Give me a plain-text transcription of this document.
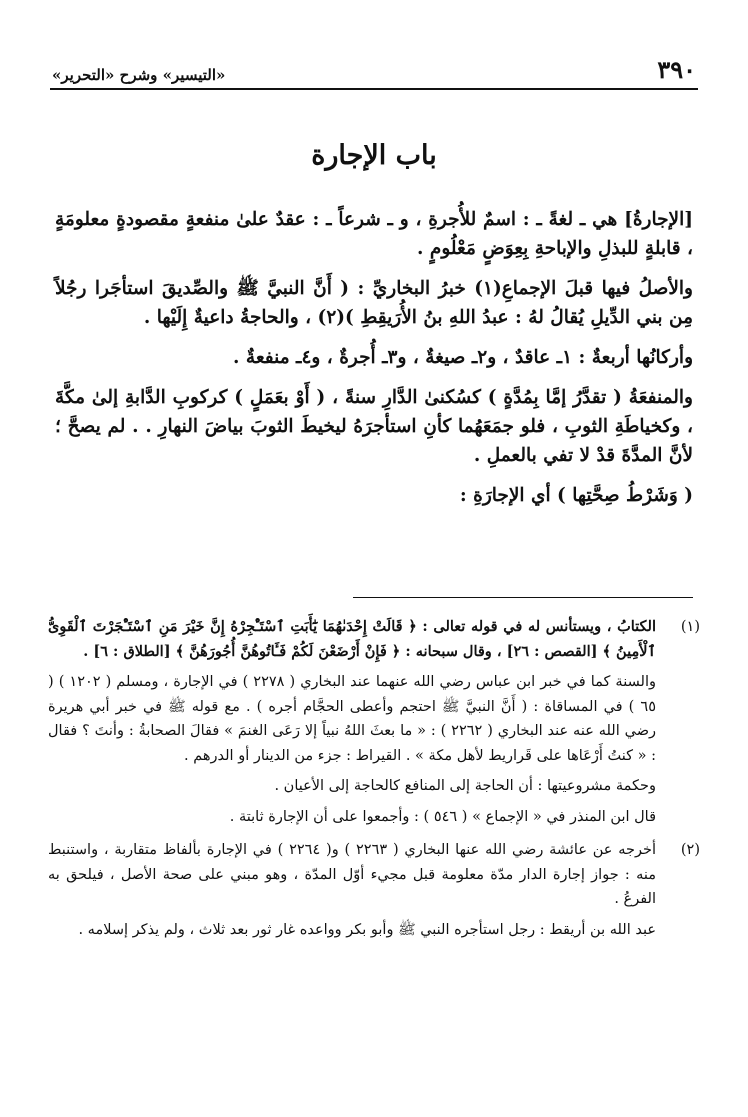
«التيسير» وشرح «التحرير»	٣٩٠
باب الإجارة

[الإجارةُ] هي ـ لغةً ـ : اسمٌ للأُجرةِ ، و ـ شرعاً ـ : عقدٌ علىٰ منفعةٍ مقصودةٍ معلومَةٍ ، قابلةٍ للبذلِ والإباحةِ بِعِوَضٍ مَعْلُومٍ .

والأصلُ فيها قبلَ الإجماعِ(١) خبرُ البخاريِّ : ( أَنَّ النبيَّ ﷺ والصِّديقَ استأجَرا رجُلاً مِن بني الدِّيلِ يُقالُ لهُ : عبدُ اللهِ بنُ الأُرَيقِطِ )(٢) ، والحاجةُ داعيةٌ إِلَيْها .

وأركانُها أربعةٌ : ١ـ عاقدٌ ، و٢ـ صيغةٌ ، و٣ـ أُجرةٌ ، و٤ـ منفعةٌ .

والمنفعَةُ ( تقدَّرُ إمَّا بِمُدَّةٍ ) كسُكنىٰ الدَّارِ سنةً ، ( أَوْ بعَمَلٍ ) كركوبِ الدَّابةِ إلىٰ مكَّةَ ، وكخياطَةِ الثوبِ ، فلو جمَعَهُما كأنِ استأجرَهُ ليخيطَ الثوبَ بياضَ النهارِ . . لم يصحَّ ؛ لأنَّ المدَّةَ قدْ لا تفي بالعملِ .

( وَشَرْطُ صِحَّتِها ) أي الإجارَةِ :

(١)

الكتابُ ، ويستأنس له في قوله تعالى : ﴿ قَالَتْ إِحْدَىٰهُمَا يَٰٓأَبَتِ ٱسْتَـْٔجِرْهُ إِنَّ خَيْرَ مَنِ ٱسْتَـْٔجَرْتَ ٱلْقَوِىُّ ٱلْأَمِينُ ﴾ [القصص : ٢٦] ، وقال سبحانه : ﴿ فَإِنْ أَرْضَعْنَ لَكُمْ فَـَٔاتُوهُنَّ أُجُورَهُنَّ ﴾ [الطلاق : ٦] .

والسنة كما في خبر ابن عباس رضي الله عنهما عند البخاري ( ٢٢٧٨ ) في الإجارة ، ومسلم ( ١٢٠٢ ) ( ٦٥ ) في المساقاة : ( أَنَّ النبيَّ ﷺ احتجم وأعطى الحجَّام أجره ) . مع قوله ﷺ في خبر أبي هريرة رضي الله عنه عند البخاري ( ٢٢٦٢ ) : « ما بعثَ اللهُ نبياً إلا رَعَى الغنمَ » فقالَ الصحابةُ : وأنتَ ؟ فقال : « كنتُ أَرْعَاها على قَراريط لأهل مكة » . القيراط : جزء من الدينار أو الدرهم .

وحكمة مشروعيتها : أن الحاجة إلى المنافع كالحاجة إلى الأعيان .

قال ابن المنذر في « الإجماع » ( ٥٤٦ ) : وأجمعوا على أن الإجارة ثابتة .

(٢)

أخرجه عن عائشة رضي الله عنها البخاري ( ٢٢٦٣ ) و( ٢٢٦٤ ) في الإجارة بألفاظ متقاربة ، واستنبط منه : جواز إجارة الدار مدّة معلومة قبل مجيء أوّل المدّة ، وهو مبني على صحة الأصل ، فيلحق به الفرعُ .

عبد الله بن أريقط : رجل استأجره النبي ﷺ وأبو بكر وواعده غار ثور بعد ثلاث ، ولم يذكر إسلامه .
